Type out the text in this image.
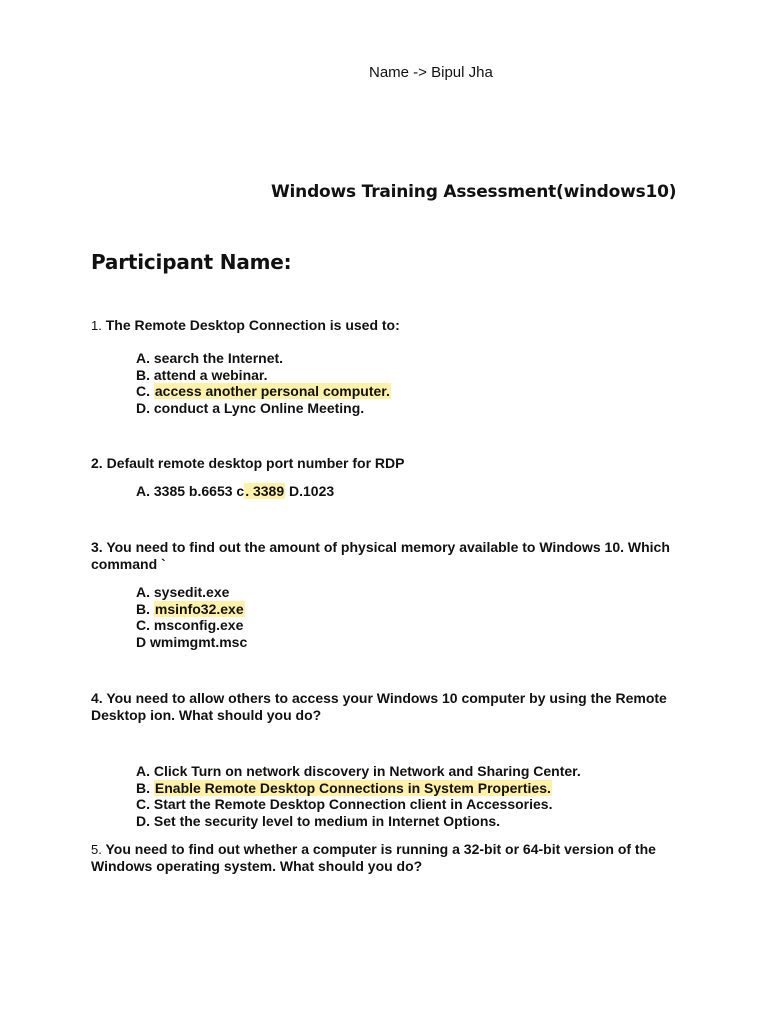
Name -> Bipul Jha
Windows Training Assessment(windows10)
Participant Name:
1. The Remote Desktop Connection is used to:
A. search the Internet.
B. attend a webinar.
C. access another personal computer.
D. conduct a Lync Online Meeting.
2. Default remote desktop port number for RDP
A. 3385 b.6653 c. 3389 D.1023
3. You need to find out the amount of physical memory available to Windows 10. Which command `
A. sysedit.exe
B. msinfo32.exe
C. msconfig.exe
D wmimgmt.msc
4. You need to allow others to access your Windows 10 computer by using the Remote Desktop ion. What should you do?
A. Click Turn on network discovery in Network and Sharing Center.
B. Enable Remote Desktop Connections in System Properties.
C. Start the Remote Desktop Connection client in Accessories.
D. Set the security level to medium in Internet Options.
5. You need to find out whether a computer is running a 32-bit or 64-bit version of the Windows operating system. What should you do?
